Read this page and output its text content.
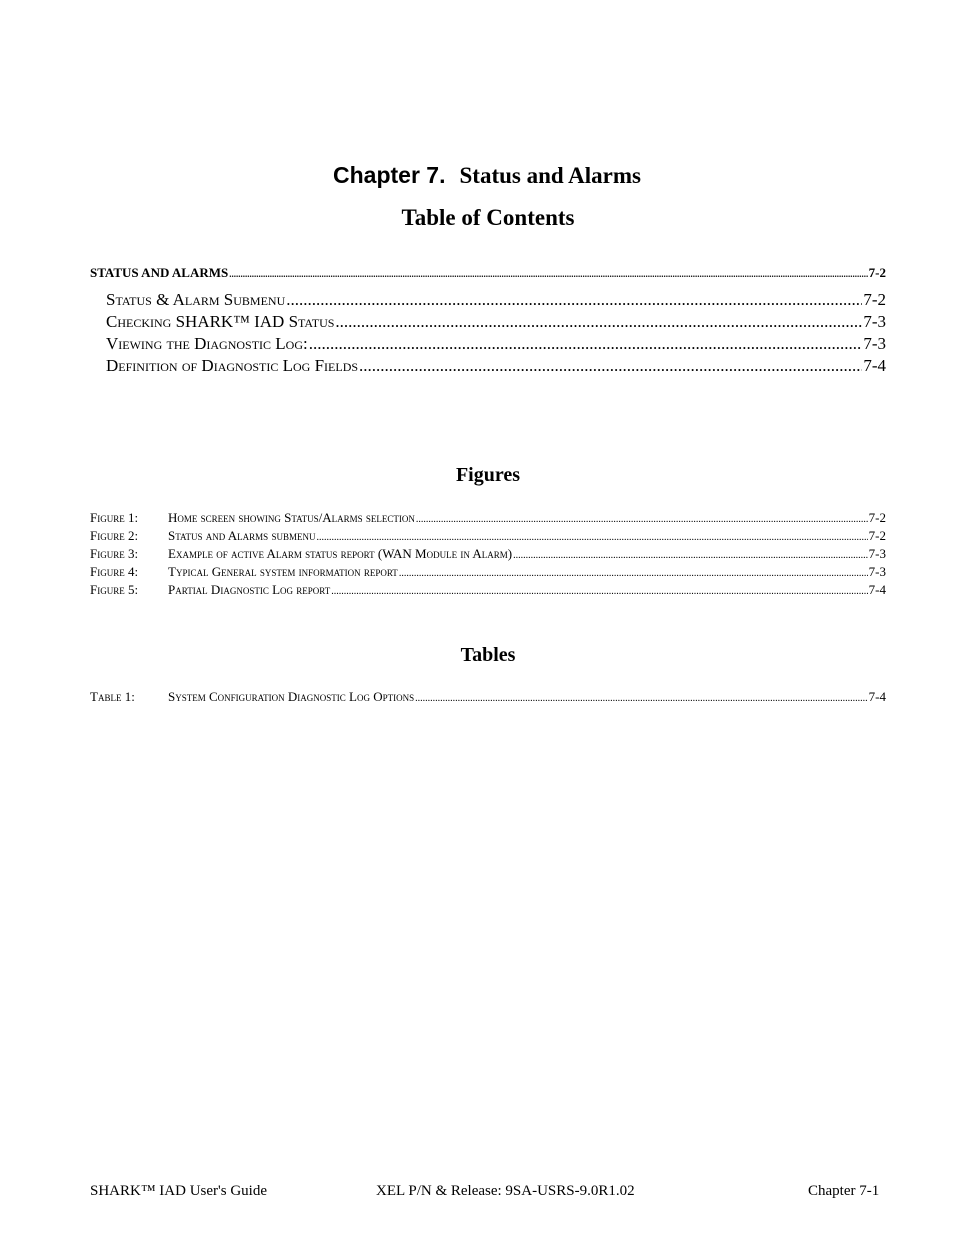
Chapter 7. Status and Alarms
Table of Contents
STATUS AND ALARMS .....	7-2
Status & Alarm Submenu .....	7-2
Checking SHARK™ IAD Status .....	7-3
Viewing the Diagnostic Log: .....	7-3
Definition of Diagnostic Log Fields .....	7-4
Figures
Figure 1:	Home screen showing Status/Alarms selection .....	7-2
Figure 2:	Status and Alarms submenu .....	7-2
Figure 3:	Example of active Alarm status report (WAN Module in Alarm) .....	7-3
Figure 4:	Typical General system information report .....	7-3
Figure 5:	Partial Diagnostic Log report .....	7-4
Tables
Table 1:	System Configuration Diagnostic Log Options .....	7-4
SHARK™ IAD User's Guide	XEL P/N & Release: 9SA-USRS-9.0R1.02	Chapter 7-1
